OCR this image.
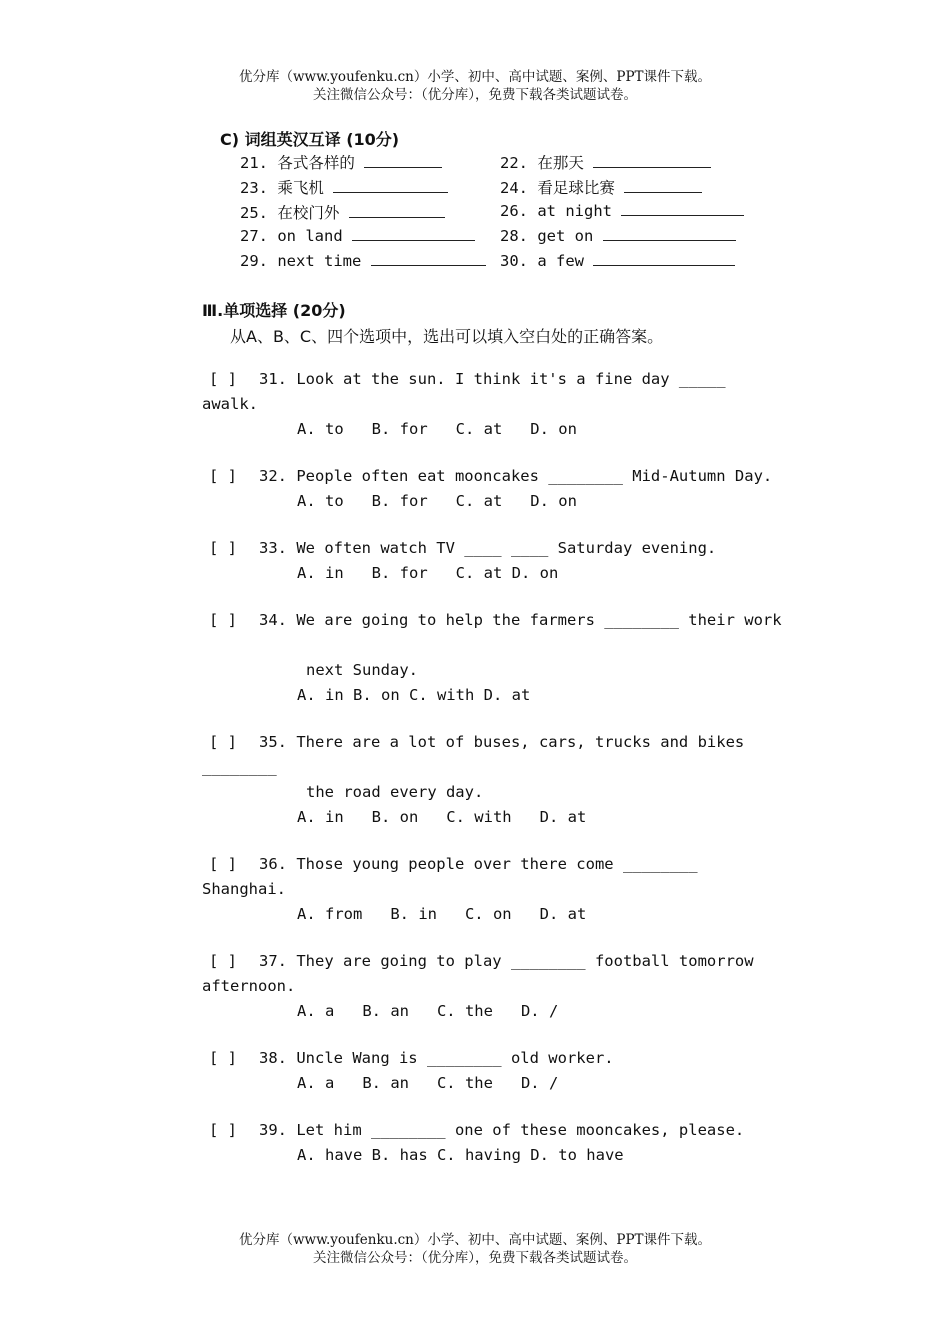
优分库（www.youfenku.cn）小学、初中、高中试题、案例、PPT课件下载。
关注微信公众号：（优分库），免费下载各类试题试卷。
C) 词组英汉互译 (10分)
21. 各式各样的	22. 在那天
23. 乘飞机	24. 看足球比赛
25. 在校门外	26. at night
27. on land	28. get on
29. next time	30. a few
Ⅲ.单项选择 (20分)
从A、B、C、四个选项中，选出可以填入空白处的正确答案。
[ ] 31. Look at the sun. I think it's a fine day _____
awalk.
A. to   B. for   C. at   D. on
[ ] 32. People often eat mooncakes ________ Mid-Autumn Day.
A. to   B. for   C. at   D. on
[ ] 33. We often watch TV ____ ____ Saturday evening.
A. in   B. for   C. at D. on
[ ] 34. We are going to help the farmers ________ their work
next Sunday.
A. in B. on C. with D. at
[ ] 35. There are a lot of buses, cars, trucks and bikes
________
the road every day.
A. in   B. on   C. with   D. at
[ ] 36. Those young people over there come ________
Shanghai.
A. from   B. in   C. on   D. at
[ ] 37. They are going to play ________ football tomorrow
afternoon.
A. a   B. an   C. the   D. /
[ ] 38. Uncle Wang is ________ old worker.
A. a   B. an   C. the   D. /
[ ] 39. Let him ________ one of these mooncakes, please.
A. have B. has C. having D. to have
优分库（www.youfenku.cn）小学、初中、高中试题、案例、PPT课件下载。
关注微信公众号：（优分库），免费下载各类试题试卷。
